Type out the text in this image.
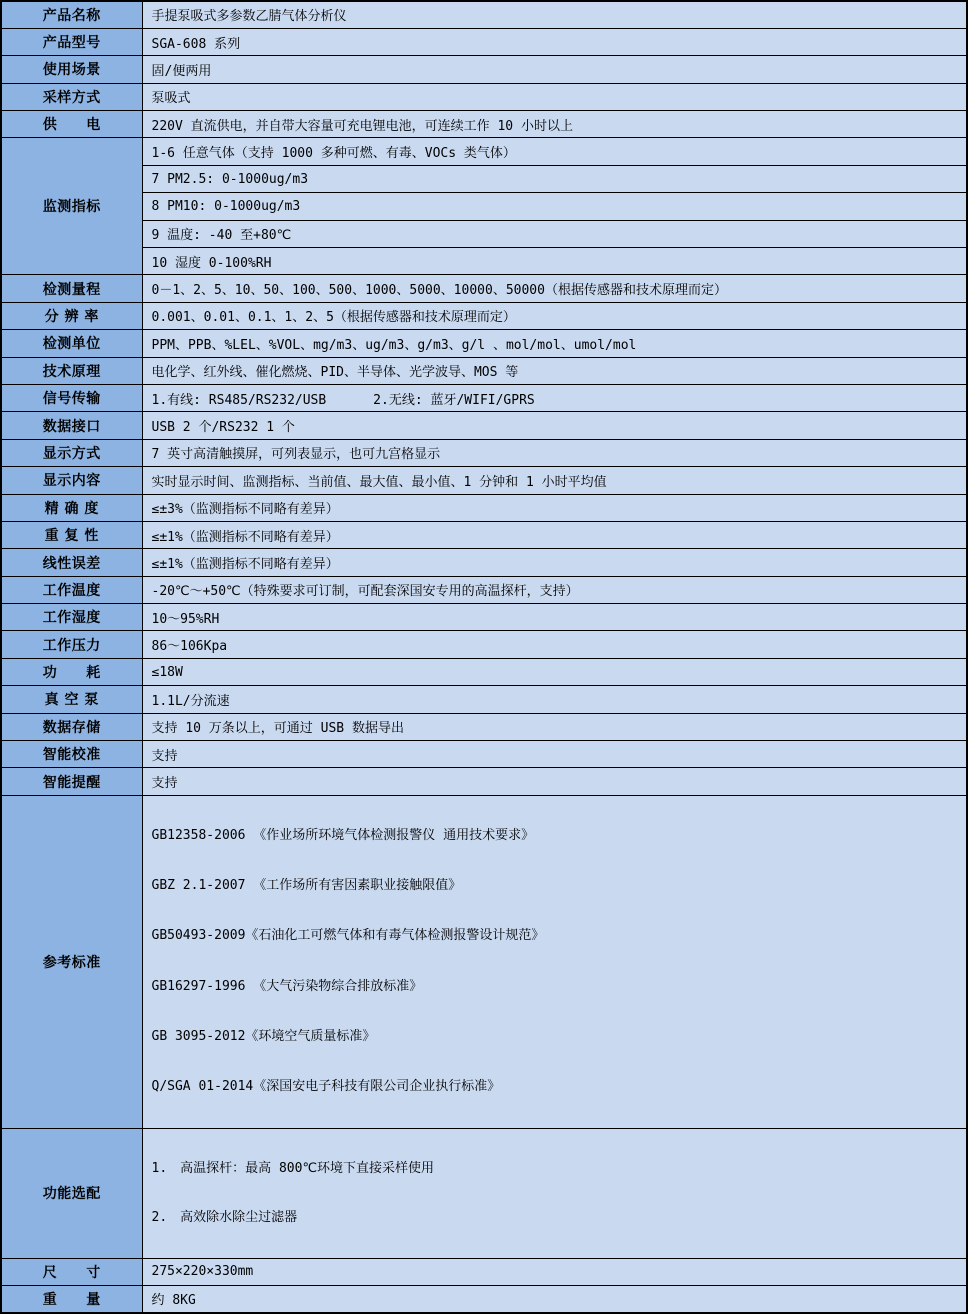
产品名称	手提泵吸式多参数乙腈气体分析仪
产品型号	SGA-608 系列
使用场景	固/便两用
采样方式	泵吸式
供　　电	220V 直流供电，并自带大容量可充电锂电池，可连续工作 10 小时以上
监测指标	1-6 任意气体（支持 1000 多种可燃、有毒、VOCs 类气体）
	7 PM2.5: 0-1000ug/m3
	8 PM10: 0-1000ug/m3
	9 温度: -40 至+80℃
	10 湿度 0-100%RH
检测量程	0－1、2、5、10、50、100、500、1000、5000、10000、50000（根据传感器和技术原理而定）
分 辨 率	0.001、0.01、0.1、1、2、5（根据传感器和技术原理而定）
检测单位	PPM、PPB、%LEL、%VOL、mg/m3、ug/m3、g/m3、g/l 、mol/mol、umol/mol
技术原理	电化学、红外线、催化燃烧、PID、半导体、光学波导、MOS 等
信号传输	1.有线: RS485/RS232/USB      2.无线: 蓝牙/WIFI/GPRS
数据接口	USB 2 个/RS232 1 个
显示方式	7 英寸高清触摸屏，可列表显示，也可九宫格显示
显示内容	实时显示时间、监测指标、当前值、最大值、最小值、1 分钟和 1 小时平均值
精 确 度	≤±3%（监测指标不同略有差异）
重 复 性	≤±1%（监测指标不同略有差异）
线性误差	≤±1%（监测指标不同略有差异）
工作温度	-20℃～+50℃（特殊要求可订制，可配套深国安专用的高温探杆，支持）
工作湿度	10～95%RH
工作压力	86～106Kpa
功　　耗	≤18W
真 空 泵	1.1L/分流速
数据存储	支持 10 万条以上，可通过 USB 数据导出
智能校准	支持
智能提醒	支持
参考标准	

GB12358-2006 《作业场所环境气体检测报警仪 通用技术要求》

GBZ 2.1-2007 《工作场所有害因素职业接触限值》

GB50493-2009《石油化工可燃气体和有毒气体检测报警设计规范》

GB16297-1996 《大气污染物综合排放标准》

GB 3095-2012《环境空气质量标准》

Q/SGA 01-2014《深国安电子科技有限公司企业执行标准》

功能选配	1.　高温探杆：最高 800℃环境下直接采样使用

2.　高效除水除尘过滤器

尺　　寸	275×220×330mm
重　　量	约 8KG
